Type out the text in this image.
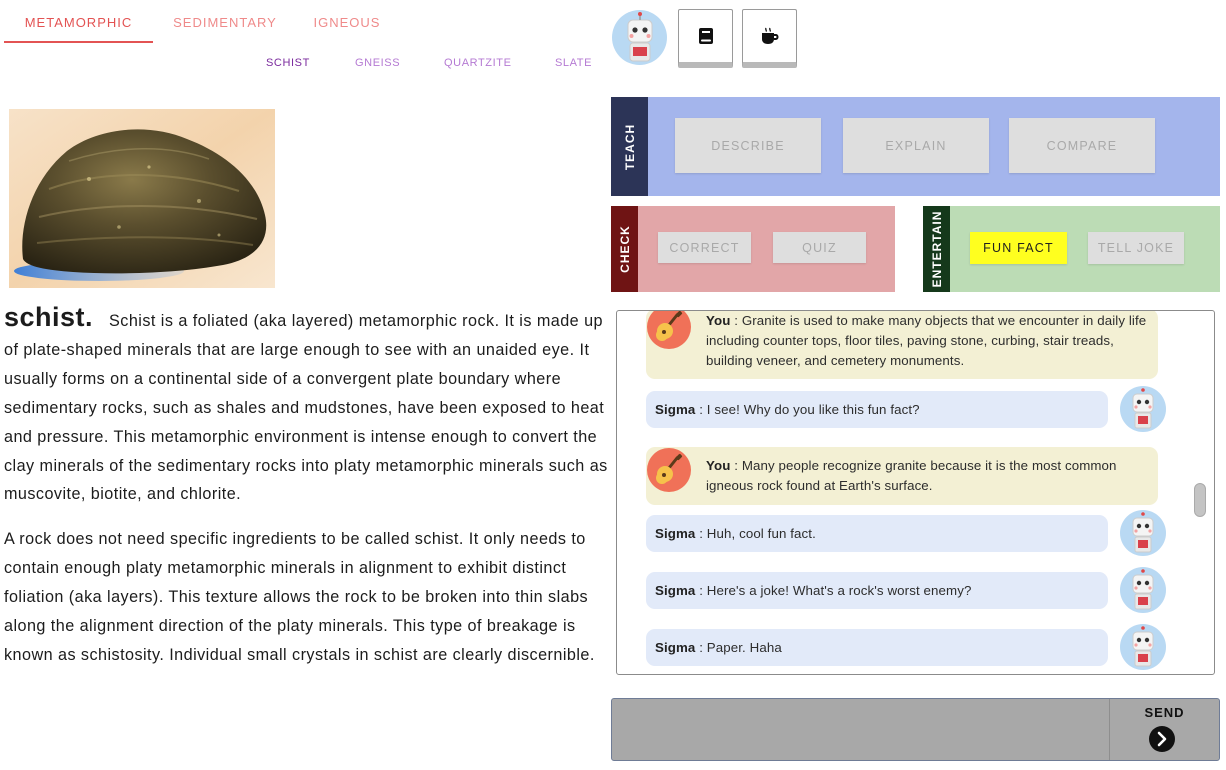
METAMORPHIC	SEDIMENTARY	IGNEOUS
SCHIST	GNEISS	QUARTZITE	SLATE

schist. Schist is a foliated (aka layered) metamorphic rock. It is made up of plate-shaped minerals that are large enough to see with an unaided eye. It usually forms on a continental side of a convergent plate boundary where sedimentary rocks, such as shales and mudstones, have been exposed to heat and pressure. This metamorphic environment is intense enough to convert the clay minerals of the sedimentary rocks into platy metamorphic minerals such as muscovite, biotite, and chlorite.

A rock does not need specific ingredients to be called schist. It only needs to contain enough platy metamorphic minerals in alignment to exhibit distinct foliation (aka layers). This texture allows the rock to be broken into thin slabs along the alignment direction of the platy minerals. This type of breakage is known as schistosity. Individual small crystals in schist are clearly discernible.

TEACH	DESCRIBE	EXPLAIN	COMPARE
CHECK	CORRECT	QUIZ	ENTERTAIN	FUN FACT	TELL JOKE
You : Granite is used to make many objects that we encounter in daily life including counter tops, floor tiles, paving stone, curbing, stair treads, building veneer, and cemetery monuments.
Sigma : I see! Why do you like this fun fact?
You : Many people recognize granite because it is the most common igneous rock found at Earth's surface.
Sigma : Huh, cool fun fact.
Sigma : Here's a joke! What's a rock's worst enemy?
Sigma : Paper. Haha
SEND
